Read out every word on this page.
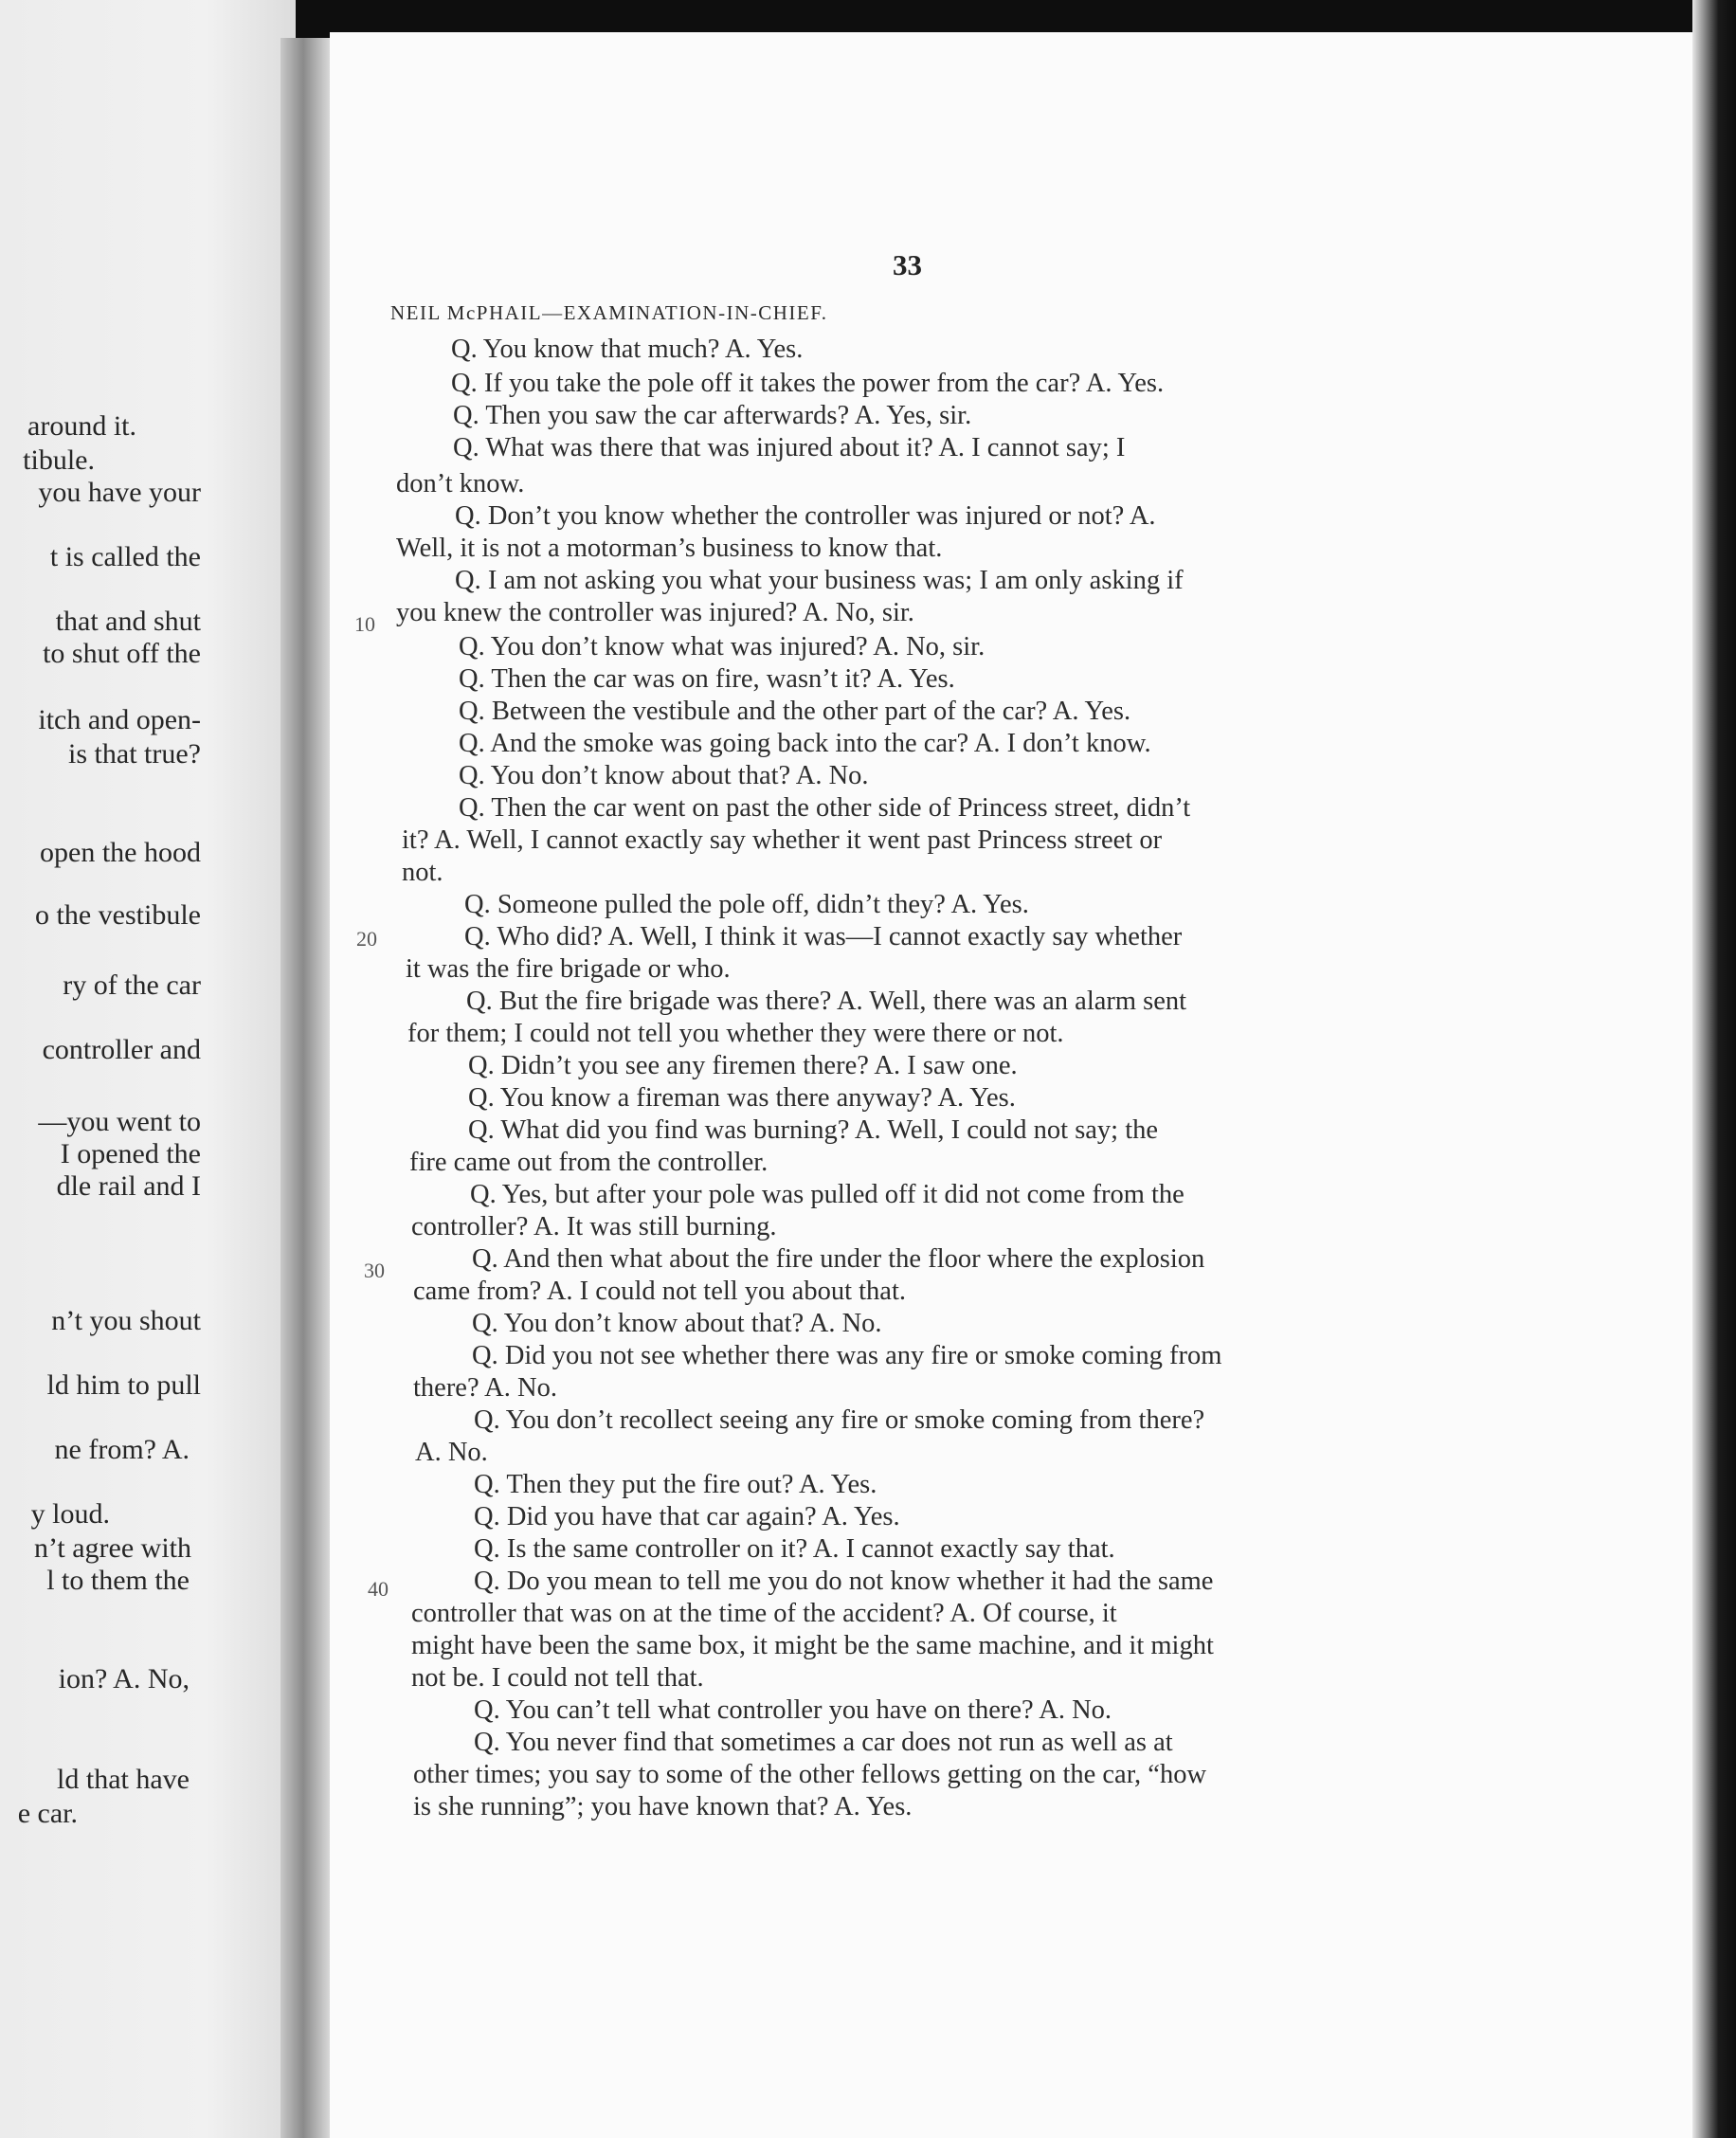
around it.
tibule.
you have your
t is called the
that and shut
to shut off the
itch and open-
is that true?
open the hood
o the vestibule
ry of the car
controller and
—you went to
I opened the
dle rail and I
n’t you shout
ld him to pull
ne from? A.
y loud.
n’t agree with
l to them the
ion? A. No,
ld that have
e car.
33
NEIL McPHAIL—EXAMINATION-IN-CHIEF.
10
20
30
40
Q. You know that much? A. Yes.
Q. If you take the pole off it takes the power from the car? A. Yes.
Q. Then you saw the car afterwards? A. Yes, sir.
Q. What was there that was injured about it? A. I cannot say; I
don’t know.
Q. Don’t you know whether the controller was injured or not? A.
Well, it is not a motorman’s business to know that.
Q. I am not asking you what your business was; I am only asking if
you knew the controller was injured? A. No, sir.
Q. You don’t know what was injured? A. No, sir.
Q. Then the car was on fire, wasn’t it? A. Yes.
Q. Between the vestibule and the other part of the car? A. Yes.
Q. And the smoke was going back into the car? A. I don’t know.
Q. You don’t know about that? A. No.
Q. Then the car went on past the other side of Princess street, didn’t
it? A. Well, I cannot exactly say whether it went past Princess street or
not.
Q. Someone pulled the pole off, didn’t they? A. Yes.
Q. Who did? A. Well, I think it was—I cannot exactly say whether
it was the fire brigade or who.
Q. But the fire brigade was there? A. Well, there was an alarm sent
for them; I could not tell you whether they were there or not.
Q. Didn’t you see any firemen there? A. I saw one.
Q. You know a fireman was there anyway? A. Yes.
Q. What did you find was burning? A. Well, I could not say; the
fire came out from the controller.
Q. Yes, but after your pole was pulled off it did not come from the
controller? A. It was still burning.
Q. And then what about the fire under the floor where the explosion
came from? A. I could not tell you about that.
Q. You don’t know about that? A. No.
Q. Did you not see whether there was any fire or smoke coming from
there? A. No.
Q. You don’t recollect seeing any fire or smoke coming from there?
A. No.
Q. Then they put the fire out? A. Yes.
Q. Did you have that car again? A. Yes.
Q. Is the same controller on it? A. I cannot exactly say that.
Q. Do you mean to tell me you do not know whether it had the same
controller that was on at the time of the accident? A. Of course, it
might have been the same box, it might be the same machine, and it might
not be. I could not tell that.
Q. You can’t tell what controller you have on there? A. No.
Q. You never find that sometimes a car does not run as well as at
other times; you say to some of the other fellows getting on the car, “how
is she running”; you have known that? A. Yes.
